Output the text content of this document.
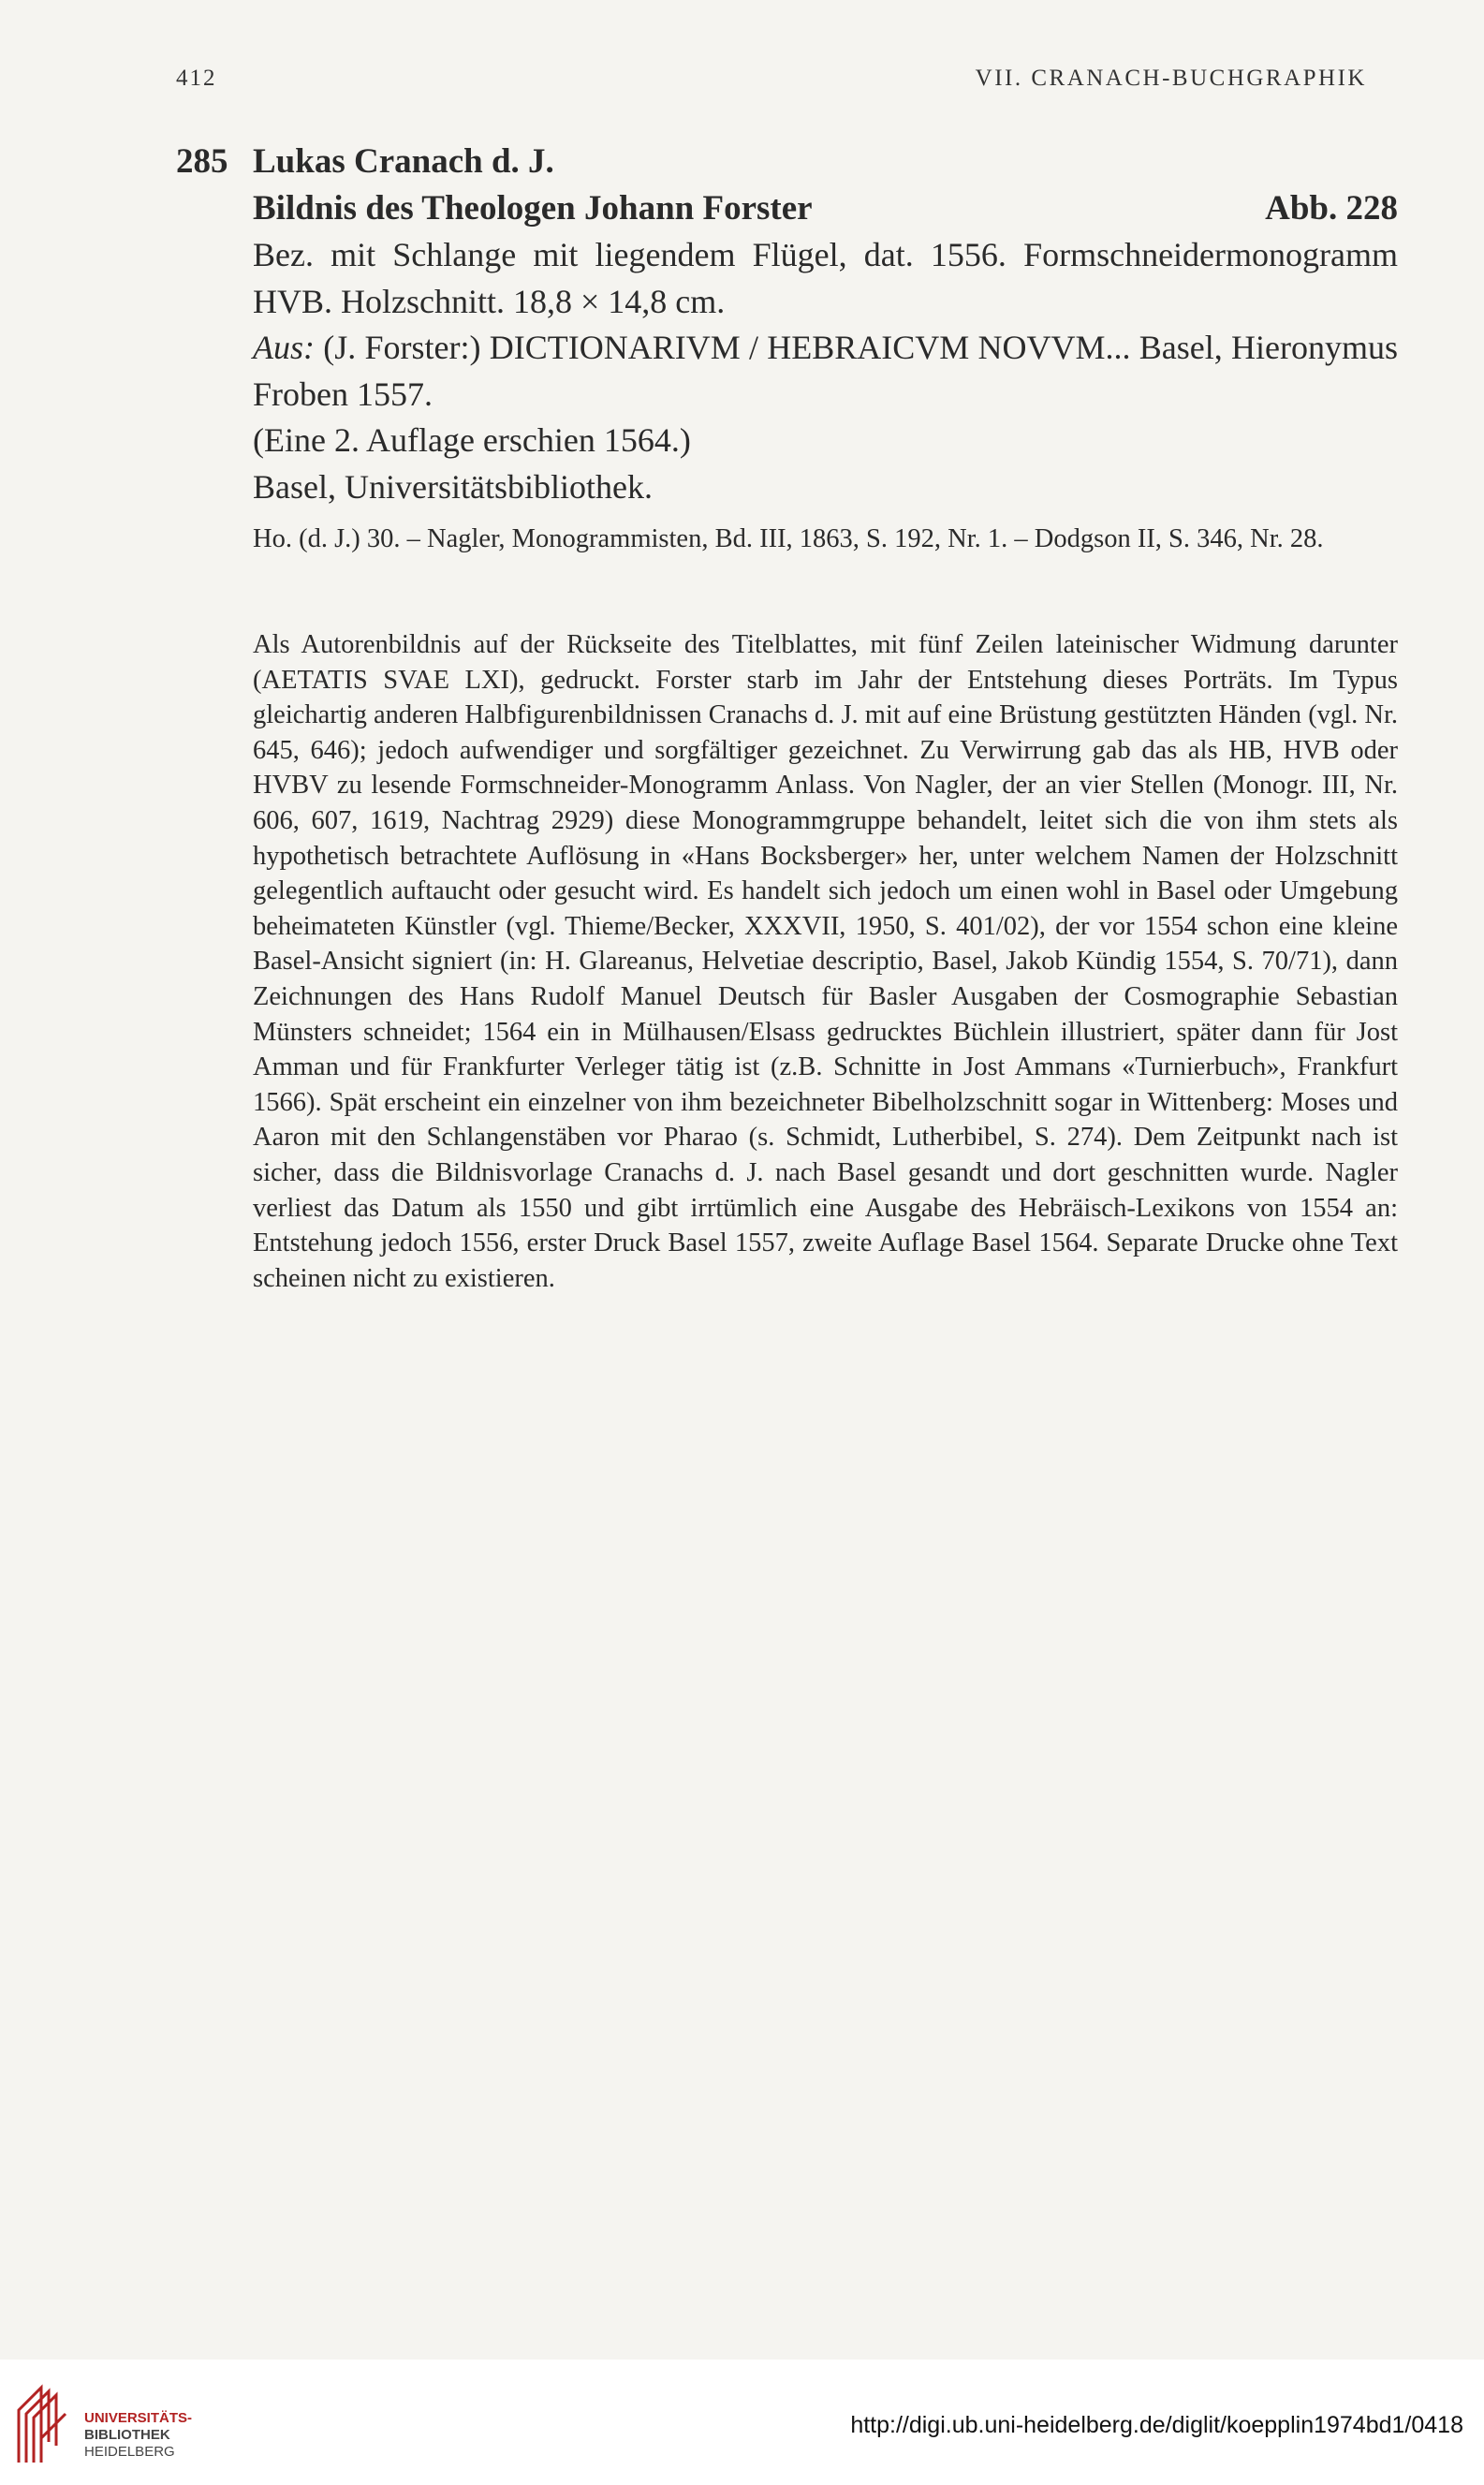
412	VII. CRANACH-BUCHGRAPHIK
285 Lukas Cranach d. J.
Bildnis des Theologen Johann Forster	Abb. 228

Bez. mit Schlange mit liegendem Flügel, dat. 1556. Formschneidermonogramm HVB. Holzschnitt. 18,8 × 14,8 cm.

Aus: (J. Forster:) DICTIONARIVM / HEBRAICVM NOVVM... Basel, Hieronymus Froben 1557.

(Eine 2. Auflage erschien 1564.)

Basel, Universitätsbibliothek.

Ho. (d. J.) 30. – Nagler, Monogrammisten, Bd. III, 1863, S. 192, Nr. 1. – Dodgson II, S. 346, Nr. 28.
Als Autorenbildnis auf der Rückseite des Titelblattes, mit fünf Zeilen lateinischer Widmung darunter (AETATIS SVAE LXI), gedruckt. Forster starb im Jahr der Entstehung dieses Porträts. Im Typus gleichartig anderen Halbfigurenbildnissen Cranachs d. J. mit auf eine Brüstung gestützten Händen (vgl. Nr. 645, 646); jedoch aufwendiger und sorgfältiger gezeichnet. Zu Verwirrung gab das als HB, HVB oder HVBV zu lesende Formschneider-Monogramm Anlass. Von Nagler, der an vier Stellen (Monogr. III, Nr. 606, 607, 1619, Nachtrag 2929) diese Monogrammgruppe behandelt, leitet sich die von ihm stets als hypothetisch betrachtete Auflösung in «Hans Bocksberger» her, unter welchem Namen der Holzschnitt gelegentlich auftaucht oder gesucht wird. Es handelt sich jedoch um einen wohl in Basel oder Umgebung beheimateten Künstler (vgl. Thieme/Becker, XXXVII, 1950, S. 401/02), der vor 1554 schon eine kleine Basel-Ansicht signiert (in: H. Glareanus, Helvetiae descriptio, Basel, Jakob Kündig 1554, S. 70/71), dann Zeichnungen des Hans Rudolf Manuel Deutsch für Basler Ausgaben der Cosmographie Sebastian Münsters schneidet; 1564 ein in Mülhausen/Elsass gedrucktes Büchlein illustriert, später dann für Jost Amman und für Frankfurter Verleger tätig ist (z.B. Schnitte in Jost Ammans «Turnierbuch», Frankfurt 1566). Spät erscheint ein einzelner von ihm bezeichneter Bibelholzschnitt sogar in Wittenberg: Moses und Aaron mit den Schlangenstäben vor Pharao (s. Schmidt, Lutherbibel, S. 274). Dem Zeitpunkt nach ist sicher, dass die Bildnisvorlage Cranachs d. J. nach Basel gesandt und dort geschnitten wurde. Nagler verliest das Datum als 1550 und gibt irrtümlich eine Ausgabe des Hebräisch-Lexikons von 1554 an: Entstehung jedoch 1556, erster Druck Basel 1557, zweite Auflage Basel 1564. Separate Drucke ohne Text scheinen nicht zu existieren.
UNIVERSITÄTS-
BIBLIOTHEK
HEIDELBERG
http://digi.ub.uni-heidelberg.de/diglit/koepplin1974bd1/0418
